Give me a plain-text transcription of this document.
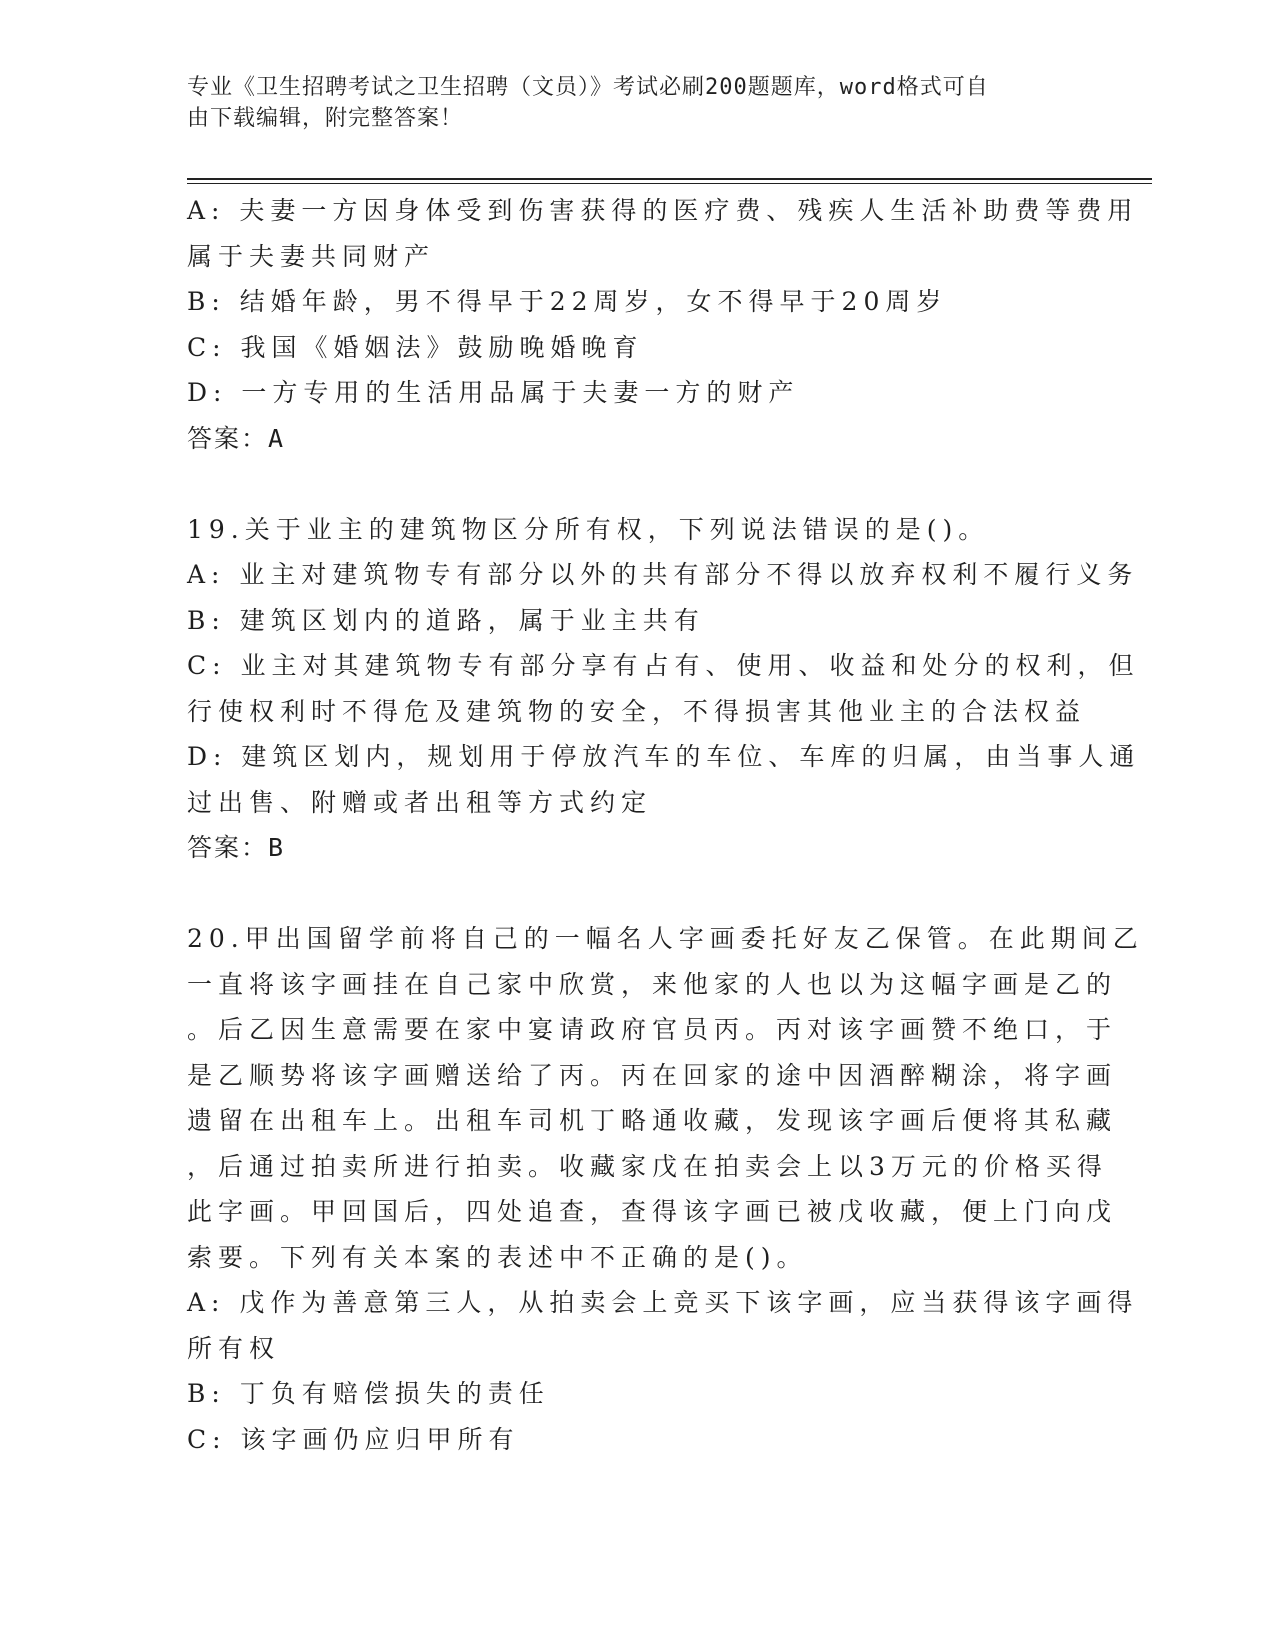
专业《卫生招聘考试之卫生招聘（文员）》考试必刷200题题库，word格式可自
由下载编辑，附完整答案！
A: 夫妻一方因身体受到伤害获得的医疗费、残疾人生活补助费等费用
属于夫妻共同财产
B: 结婚年龄，男不得早于22周岁，女不得早于20周岁
C: 我国《婚姻法》鼓励晚婚晚育
D: 一方专用的生活用品属于夫妻一方的财产
答案：A
19.关于业主的建筑物区分所有权，下列说法错误的是()。
A: 业主对建筑物专有部分以外的共有部分不得以放弃权利不履行义务
B: 建筑区划内的道路，属于业主共有
C: 业主对其建筑物专有部分享有占有、使用、收益和处分的权利，但
行使权利时不得危及建筑物的安全，不得损害其他业主的合法权益
D: 建筑区划内，规划用于停放汽车的车位、车库的归属，由当事人通
过出售、附赠或者出租等方式约定
答案：B
20.甲出国留学前将自己的一幅名人字画委托好友乙保管。在此期间乙
一直将该字画挂在自己家中欣赏，来他家的人也以为这幅字画是乙的
。后乙因生意需要在家中宴请政府官员丙。丙对该字画赞不绝口，于
是乙顺势将该字画赠送给了丙。丙在回家的途中因酒醉糊涂，将字画
遗留在出租车上。出租车司机丁略通收藏，发现该字画后便将其私藏
，后通过拍卖所进行拍卖。收藏家戊在拍卖会上以3万元的价格买得
此字画。甲回国后，四处追查，查得该字画已被戊收藏，便上门向戊
索要。下列有关本案的表述中不正确的是()。
A: 戊作为善意第三人，从拍卖会上竞买下该字画，应当获得该字画得
所有权
B: 丁负有赔偿损失的责任
C: 该字画仍应归甲所有
